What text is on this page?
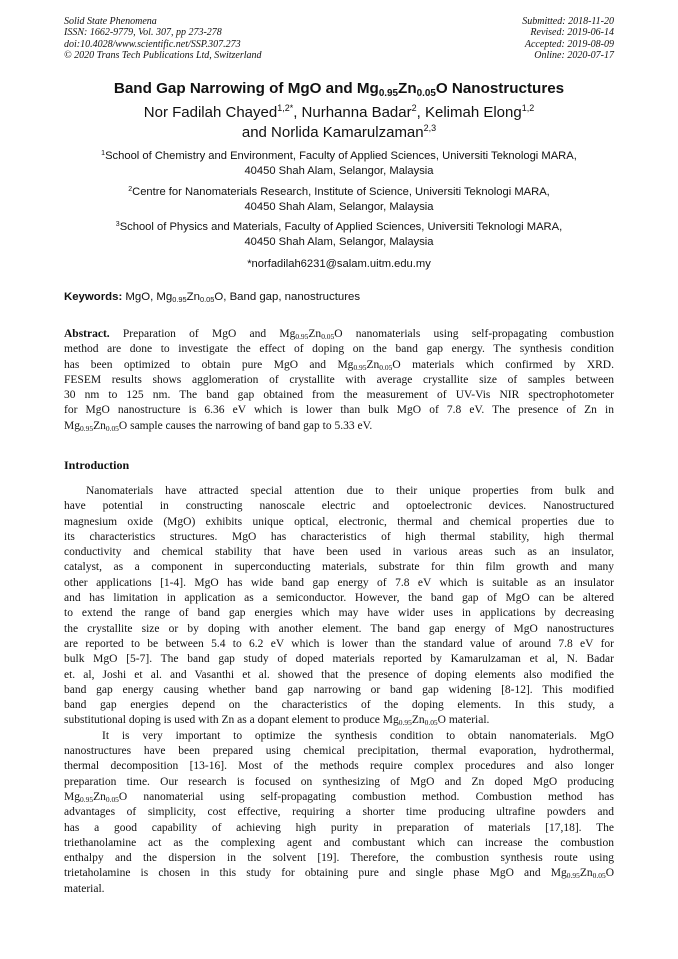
Solid State Phenomena
ISSN: 1662-9779, Vol. 307, pp 273-278
doi:10.4028/www.scientific.net/SSP.307.273
© 2020 Trans Tech Publications Ltd, Switzerland
Submitted: 2018-11-20
Revised: 2019-06-14
Accepted: 2019-08-09
Online: 2020-07-17
Band Gap Narrowing of MgO and $Mg_{0.95}Zn_{0.05}O$ Nanostructures
Nor Fadilah Chayed$^{1,2*}$, Nurhanna Badar$^2$, Kelimah Elong$^{1,2}$
and Norlida Kamarulzaman$^{2,3}$
$^1$School of Chemistry and Environment, Faculty of Applied Sciences, Universiti Teknologi MARA,
40450 Shah Alam, Selangor, Malaysia
$^2$Centre for Nanomaterials Research, Institute of Science, Universiti Teknologi MARA,
40450 Shah Alam, Selangor, Malaysia
$^3$School of Physics and Materials, Faculty of Applied Sciences, Universiti Teknologi MARA,
40450 Shah Alam, Selangor, Malaysia
*norfadilah6231@salam.uitm.edu.my
Keywords: MgO, $Mg_{0.95}Zn_{0.05}O$, Band gap, nanostructures
Abstract. Preparation of MgO and $Mg_{0.95}Zn_{0.05}O$ nanomaterials using self-propagating combustion
method are done to investigate the effect of doping on the band gap energy. The synthesis condition
has been optimized to obtain pure MgO and $Mg_{0.95}Zn_{0.05}O$ materials which confirmed by XRD.
FESEM results shows agglomeration of crystallite with average crystallite size of samples between
30 nm to 125 nm. The band gap obtained from the measurement of UV-Vis NIR spectrophotometer
for MgO nanostructure is 6.36 eV which is lower than bulk MgO of 7.8 eV. The presence of Zn in
$Mg_{0.95}Zn_{0.05}O$ sample causes the narrowing of band gap to 5.33 eV.
Introduction
Nanomaterials have attracted special attention due to their unique properties from bulk and
have potential in constructing nanoscale electric and optoelectronic devices. Nanostructured
magnesium oxide (MgO) exhibits unique optical, electronic, thermal and chemical properties due to
its characteristics structures. MgO has characteristics of high thermal stability, high thermal
conductivity and chemical stability that have been used in various areas such as an insulator,
catalyst, as a component in superconducting materials, substrate for thin film growth and many
other applications [1-4]. MgO has wide band gap energy of 7.8 eV which is suitable as an insulator
and has limitation in application as a semiconductor. However, the band gap of MgO can be altered
to extend the range of band gap energies which may have wider uses in applications by decreasing
the crystallite size or by doping with another element. The band gap energy of MgO nanostructures
are reported to be between 5.4 to 6.2 eV which is lower than the standard value of around 7.8 eV for
bulk MgO [5-7]. The band gap study of doped materials reported by Kamarulzaman et al, N. Badar
et. al, Joshi et al. and Vasanthi et al. showed that the presence of doping elements also modified the
band gap energy causing whether band gap narrowing or band gap widening [8-12]. This modified
band gap energies depend on the characteristics of the doping elements. In this study, a
substitutional doping is used with Zn as a dopant element to produce $Mg_{0.95}Zn_{0.05}O$ material.
It is very important to optimize the synthesis condition to obtain nanomaterials. MgO
nanostructures have been prepared using chemical precipitation, thermal evaporation, hydrothermal,
thermal decomposition [13-16]. Most of the methods require complex procedures and also longer
preparation time. Our research is focused on synthesizing of MgO and Zn doped MgO producing
$Mg_{0.95}Zn_{0.05}O$ nanomaterial using self-propagating combustion method. Combustion method has
advantages of simplicity, cost effective, requiring a shorter time producing ultrafine powders and
has a good capability of achieving high purity in preparation of materials [17,18]. The
triethanolamine act as the complexing agent and combustant which can increase the combustion
enthalpy and the dispersion in the solvent [19]. Therefore, the combustion synthesis route using
trietaholamine is chosen in this study for obtaining pure and single phase MgO and $Mg_{0.95}Zn_{0.05}O$
material.
